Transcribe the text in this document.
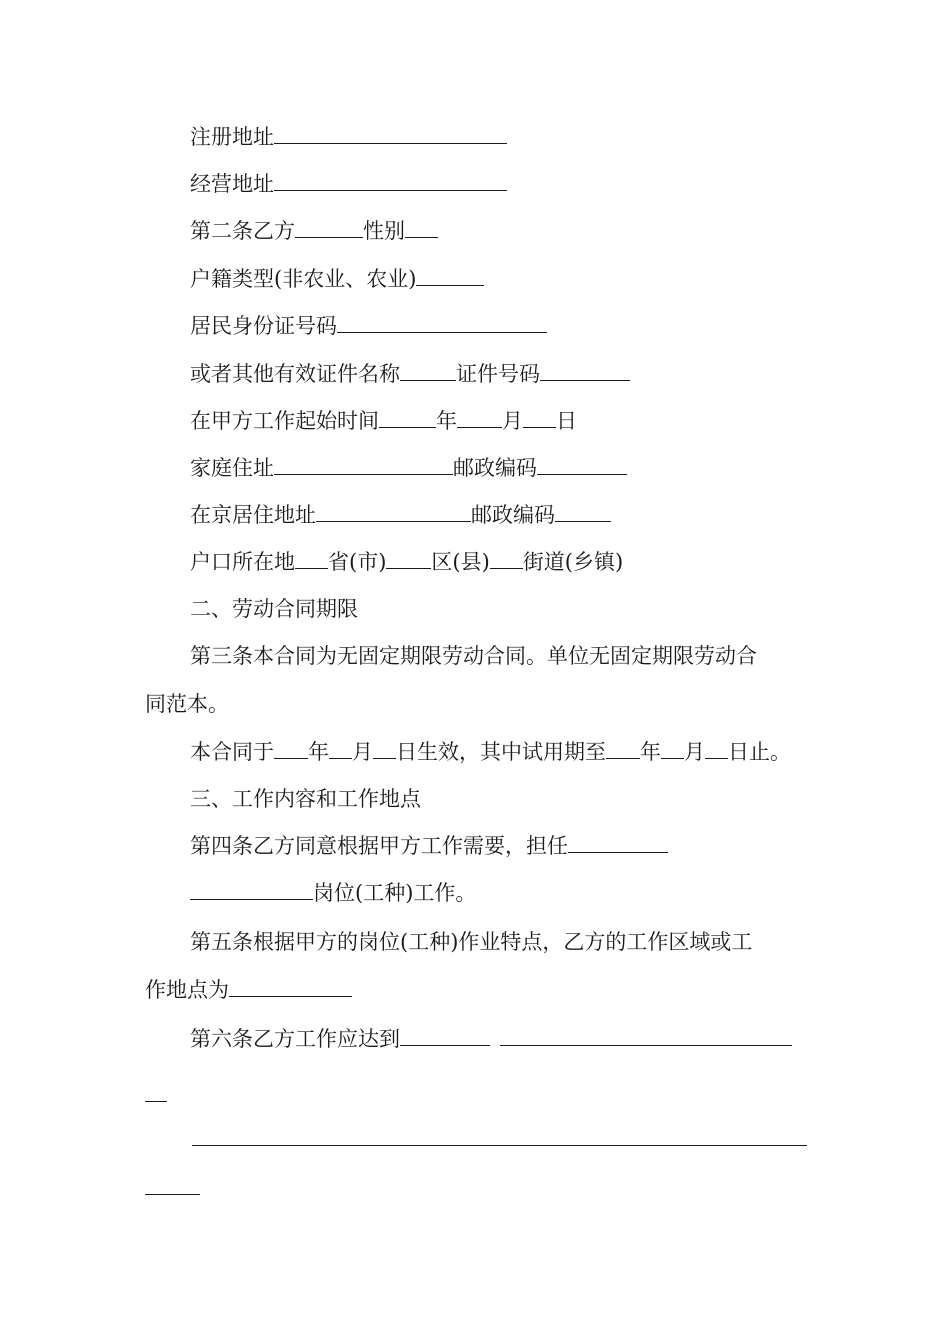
注册地址
经营地址
第二条乙方	性别
户籍类型(非农业、农业)
居民身份证号码
或者其他有效证件名称	证件号码
在甲方工作起始时间	年 月 日
家庭住址	邮政编码
在京居住地址	邮政编码
户口所在地 省(市) 区(县) 街道(乡镇)
二、劳动合同期限
第三条本合同为无固定期限劳动合同。单位无固定期限劳动合
同范本。
本合同于 年 月 日生效，其中试用期至 年 月 日止。
三、工作内容和工作地点
第四条乙方同意根据甲方工作需要，担任
岗位(工种)工作。
第五条根据甲方的岗位(工种)作业特点，乙方的工作区域或工
作地点为
第六条乙方工作应达到
